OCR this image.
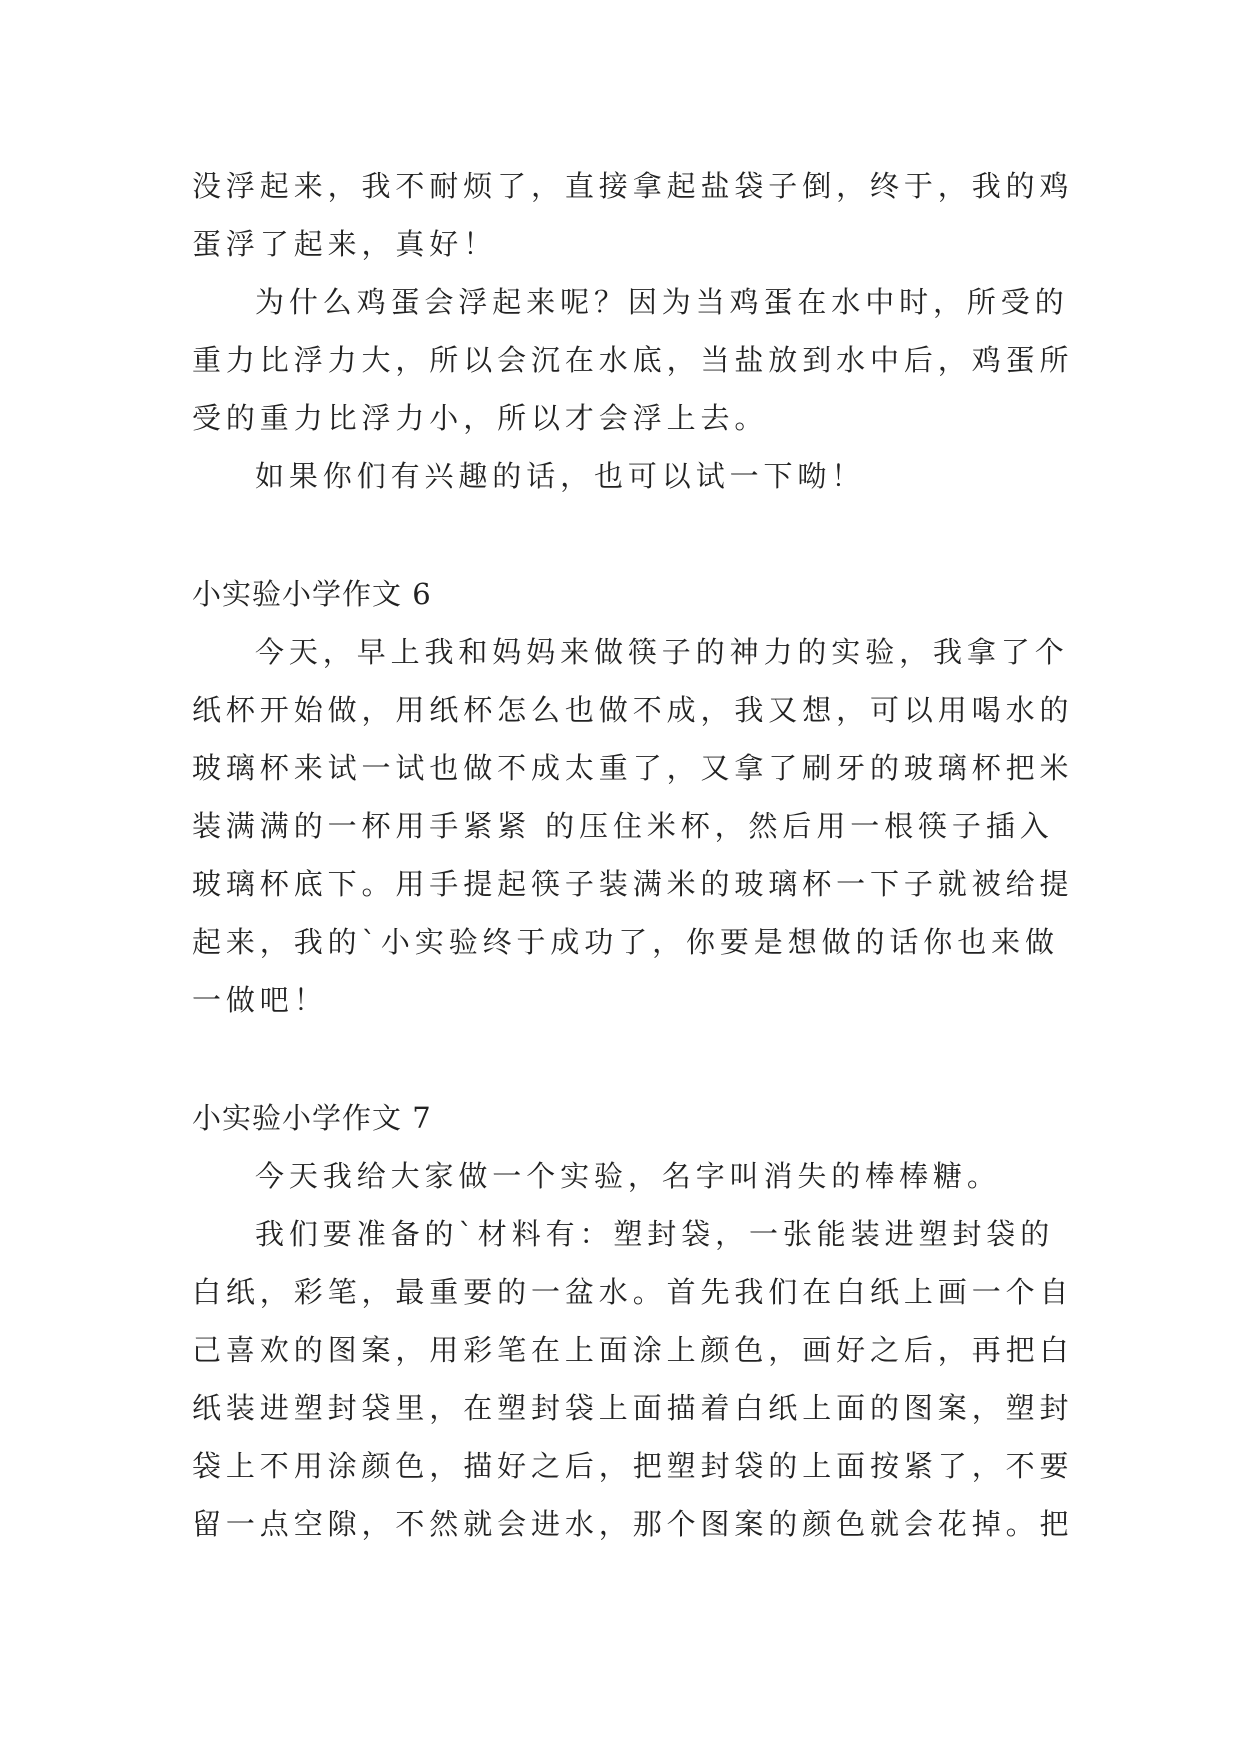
没浮起来，我不耐烦了，直接拿起盐袋子倒，终于，我的鸡
蛋浮了起来，真好！
为什么鸡蛋会浮起来呢？因为当鸡蛋在水中时，所受的
重力比浮力大，所以会沉在水底，当盐放到水中后，鸡蛋所
受的重力比浮力小，所以才会浮上去。
如果你们有兴趣的话，也可以试一下呦！
小实验小学作文 6
今天，早上我和妈妈来做筷子的神力的实验，我拿了个
纸杯开始做，用纸杯怎么也做不成，我又想，可以用喝水的
玻璃杯来试一试也做不成太重了，又拿了刷牙的玻璃杯把米
装满满的一杯用手紧紧 的压住米杯，然后用一根筷子插入
玻璃杯底下。用手提起筷子装满米的玻璃杯一下子就被给提
起来，我的`小实验终于成功了，你要是想做的话你也来做
一做吧！
小实验小学作文 7
今天我给大家做一个实验，名字叫消失的棒棒糖。
我们要准备的`材料有：塑封袋，一张能装进塑封袋的
白纸，彩笔，最重要的一盆水。首先我们在白纸上画一个自
己喜欢的图案，用彩笔在上面涂上颜色，画好之后，再把白
纸装进塑封袋里，在塑封袋上面描着白纸上面的图案，塑封
袋上不用涂颜色，描好之后，把塑封袋的上面按紧了，不要
留一点空隙，不然就会进水，那个图案的颜色就会花掉。把
